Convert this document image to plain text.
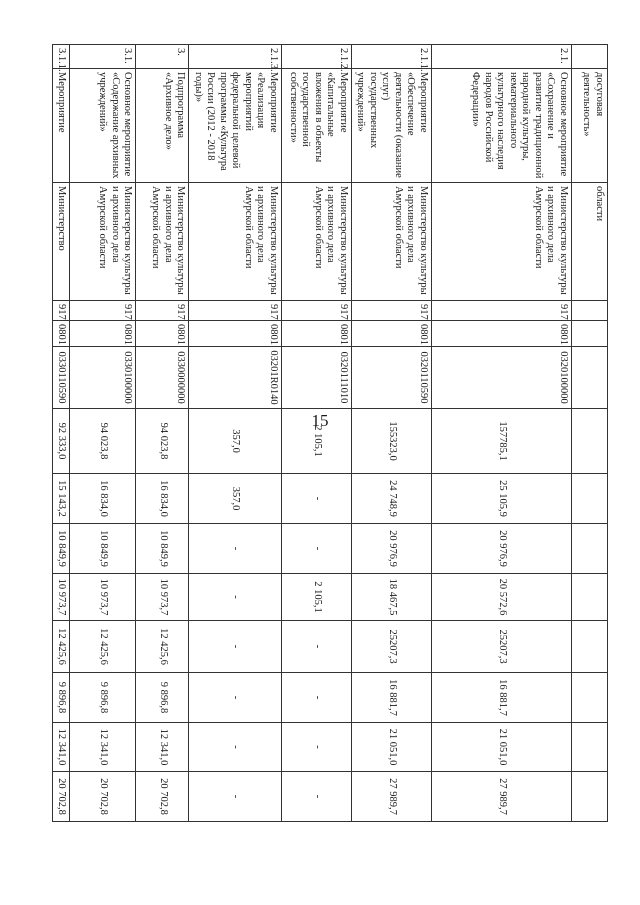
15
	досуговая деятельность»	области											
2.1.	Основное мероприятие «Сохранение и развитие традиционной народной культуры, нематериального культурного наследия народов Российской Федерации»	Министерство культуры и архивного дела Амурской области	917	0801	0320100000	157785,1	25 105,9	20 976,9	20 572,6	25207,3	16 881,7	21 051,0	27 989,7
2.1.1.	Мероприятие «Обеспечение деятельности (оказание услуг) государственных учреждений»	Министерство культуры и архивного дела Амурской области	917	0801	0320110590	155323,0	24 748,9	20 976,9	18 467,5	25207,3	16 881,7	21 051,0	27 989,7
2.1.2.	Мероприятие «Капитальные вложения в объекты государственной собственности»	Министерство культуры и архивного дела Амурской области	917	0801	0320111010	2 105,1	-	-	2 105,1	-	-	-	-
2.1.3.	Мероприятие «Реализация мероприятий федеральной целевой программы «Культура России (2012 - 2018 годы)»	Министерство культуры и архивного дела Амурской области	917	0801	03201R0140	357,0	357,0	-	-	-	-	-	-
3.	Подпрограмма «Архивное дело»	Министерство культуры и архивного дела Амурской области	917	0801	0330000000	94 023,8	16 834,0	10 849,9	10 973,7	12 425,6	9 896,8	12 341,0	20 702,8
3.1.	Основное мероприятие «Содержание архивных учреждений»	Министерство культуры и архивного дела Амурской области	917	0801	0330100000	94 023,8	16 834,0	10 849,9	10 973,7	12 425,6	9 896,8	12 341,0	20 702,8
3.1.1.	Мероприятие	Министерство	917	0801	0330110590	92 333,0	15 143,2	10 849,9	10 973,7	12 425,6	9 896,8	12 341,0	20 702,8
